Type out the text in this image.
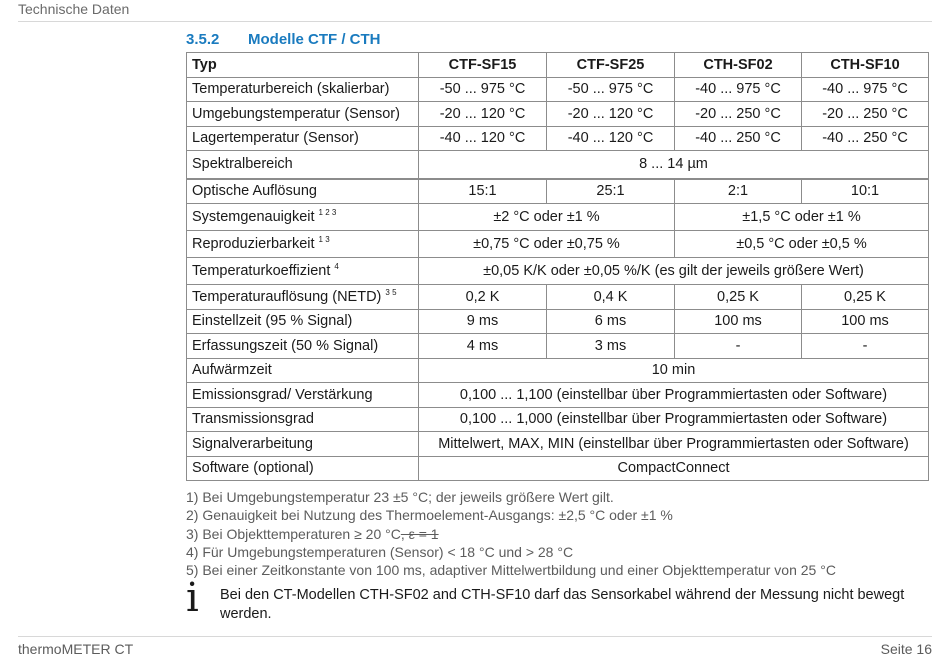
Technische Daten
3.5.2 Modelle CTF / CTH
Typ	CTF-SF15	CTF-SF25	CTH-SF02	CTH-SF10
Temperaturbereich (skalierbar)	-50 ... 975 °C	-50 ... 975 °C	-40 ... 975 °C	-40 ... 975 °C
Umgebungstemperatur (Sensor)	-20 ... 120 °C	-20 ... 120 °C	-20 ... 250 °C	-20 ... 250 °C
Lagertemperatur (Sensor)	-40 ... 120 °C	-40 ... 120 °C	-40 ... 250 °C	-40 ... 250 °C
Spektralbereich	8 ... 14 µm			
Optische Auflösung	15:1	25:1	2:1	10:1
Systemgenauigkeit $^{1 2 3}$	±2 °C oder ±1 %		±1,5 °C oder ±1 %	
Reproduzierbarkeit $^{1 3}$	±0,75 °C oder ±0,75 %		±0,5 °C oder ±0,5 %	
Temperaturkoeffizient $^4$	±0,05 K/K oder ±0,05 %/K (es gilt der jeweils größere Wert)			
Temperaturauflösung (NETD) $^{3 5}$	0,2 K	0,4 K	0,25 K	0,25 K
Einstellzeit (95 % Signal)	9 ms	6 ms	100 ms	100 ms
Erfassungszeit (50 % Signal)	4 ms	3 ms	-	-
Aufwärmzeit	10 min			
Emissionsgrad/ Verstärkung	0,100 ... 1,100 (einstellbar über Programmiertasten oder Software)			
Transmissionsgrad	0,100 ... 1,000 (einstellbar über Programmiertasten oder Software)			
Signalverarbeitung	Mittelwert, MAX, MIN (einstellbar über Programmiertasten oder Software)			
Software (optional)	CompactConnect			
1) Bei Umgebungstemperatur 23 ±5 °C; der jeweils größere Wert gilt.
2) Genauigkeit bei Nutzung des Thermoelement-Ausgangs: ±2,5 °C oder ±1 %
3) Bei Objekttemperaturen ≥ 20 °C, ε = 1
4) Für Umgebungstemperaturen (Sensor) < 18 °C und > 28 °C
5) Bei einer Zeitkonstante von 100 ms, adaptiver Mittelwertbildung und einer Objekttemperatur von 25 °C
i Bei den CT-Modellen CTH-SF02 and CTH-SF10 darf das Sensorkabel während der Messung nicht bewegt werden.
thermoMETER CT	Seite 16
